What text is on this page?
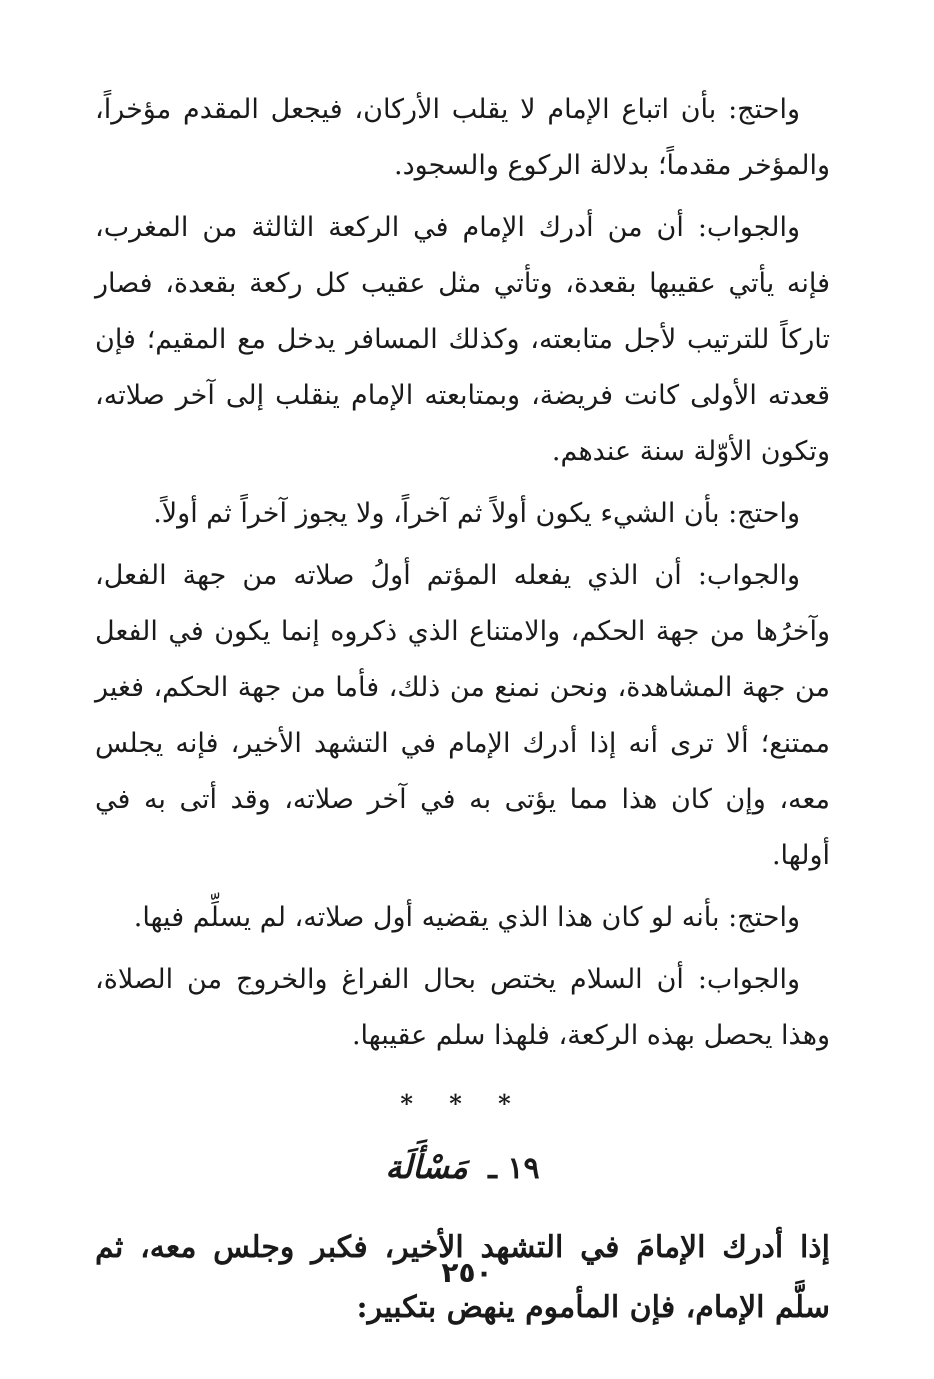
واحتج: بأن اتباع الإمام لا يقلب الأركان، فيجعل المقدم مؤخراً، والمؤخر مقدماً؛ بدلالة الركوع والسجود.

والجواب: أن من أدرك الإمام في الركعة الثالثة من المغرب، فإنه يأتي عقيبها بقعدة، وتأتي مثل عقيب كل ركعة بقعدة، فصار تاركاً للترتيب لأجل متابعته، وكذلك المسافر يدخل مع المقيم؛ فإن قعدته الأولى كانت فريضة، وبمتابعته الإمام ينقلب إلى آخر صلاته، وتكون الأوّلة سنة عندهم.

واحتج: بأن الشيء يكون أولاً ثم آخراً، ولا يجوز آخراً ثم أولاً.

والجواب: أن الذي يفعله المؤتم أولُ صلاته من جهة الفعل، وآخرُها من جهة الحكم، والامتناع الذي ذكروه إنما يكون في الفعل من جهة المشاهدة، ونحن نمنع من ذلك، فأما من جهة الحكم، فغير ممتنع؛ ألا ترى أنه إذا أدرك الإمام في التشهد الأخير، فإنه يجلس معه، وإن كان هذا مما يؤتى به في آخر صلاته، وقد أتى به في أولها.

واحتج: بأنه لو كان هذا الذي يقضيه أول صلاته، لم يسلِّم فيها.

والجواب: أن السلام يختص بحال الفراغ والخروج من الصلاة، وهذا يحصل بهذه الركعة، فلهذا سلم عقيبها.

* * *
١٩ ـ مَسْأَلَة

إذا أدرك الإمامَ في التشهد الأخير، فكبر وجلس معه، ثم سلَّم الإمام، فإن المأموم ينهض بتكبير:

٢٥٠
